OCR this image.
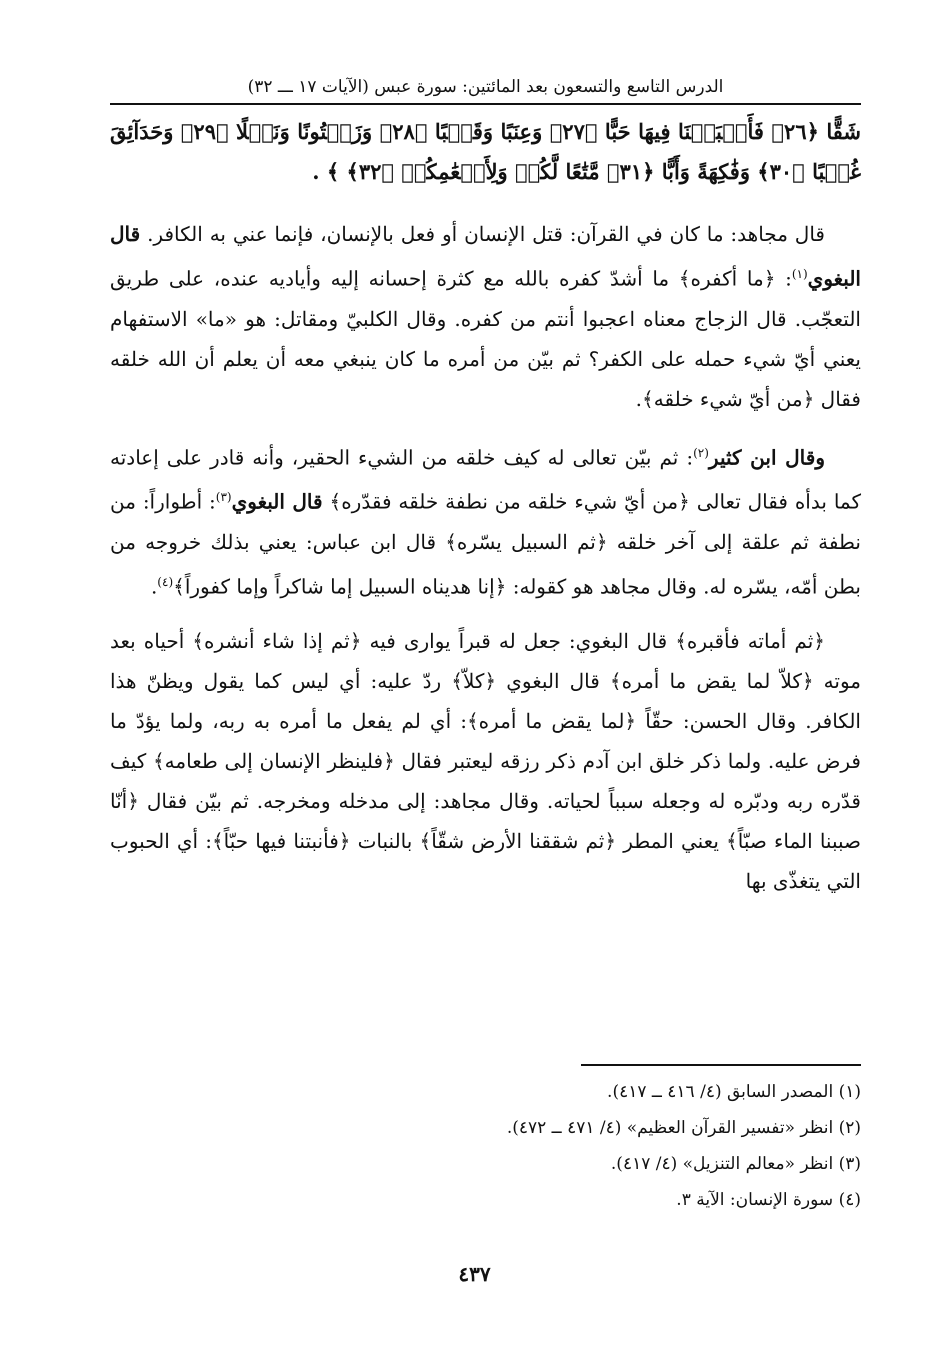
الدرس التاسع والتسعون بعد المائتين: سورة عبس (الآيات ١٧ ـــ ٣٢)

شَقًّا ﴿٢٦﴾ فَأَنۢبَتۡنَا فِيهَا حَبًّا ﴿٢٧﴾ وَعِنَبًا وَقَضۡبًا ﴿٢٨﴾ وَزَيۡتُونًا وَنَخۡلًا ﴿٢٩﴾ وَحَدَآئِقَ غُلۡبًا ﴿٣٠﴾ وَفَٰكِهَةً وَأَبًّا ﴿٣١﴾ مَّتَٰعًا لَّكُمۡ وَلِأَنۡعَٰمِكُمۡ ﴿٣٢﴾ ﴾ .

قال مجاهد: ما كان في القرآن: قتل الإنسان أو فعل بالإنسان، فإنما عني به الكافر. قال البغوي$^{(١)}$: ﴿ما أكفره﴾ ما أشدّ كفره بالله مع كثرة إحسانه إليه وأياديه عنده، على طريق التعجّب. قال الزجاج معناه اعجبوا أنتم من كفره. وقال الكلبيّ ومقاتل: هو «ما» الاستفهام يعني أيّ شيء حمله على الكفر؟ ثم بيّن من أمره ما كان ينبغي معه أن يعلم أن الله خلقه فقال ﴿من أيّ شيء خلقه﴾.

وقال ابن كثير$^{(٢)}$: ثم بيّن تعالى له كيف خلقه من الشيء الحقير، وأنه قادر على إعادته كما بدأه فقال تعالى ﴿من أيّ شيء خلقه من نطفة خلقه فقدّره﴾ قال البغوي$^{(٣)}$: أطواراً: من نطفة ثم علقة إلى آخر خلقه ﴿ثم السبيل يسّره﴾ قال ابن عباس: يعني بذلك خروجه من بطن أمّه، يسّره له. وقال مجاهد هو كقوله: ﴿إنا هديناه السبيل إما شاكراً وإما كفوراً﴾$^{(٤)}$.

﴿ثم أماته فأقبره﴾ قال البغوي: جعل له قبراً يوارى فيه ﴿ثم إذا شاء أنشره﴾ أحياه بعد موته ﴿كلاّ لما يقض ما أمره﴾ قال البغوي ﴿كلاّ﴾ ردّ عليه: أي ليس كما يقول ويظنّ هذا الكافر. وقال الحسن: حقّاً ﴿لما يقض ما أمره﴾: أي لم يفعل ما أمره به ربه، ولما يؤدّ ما فرض عليه. ولما ذكر خلق ابن آدم ذكر رزقه ليعتبر فقال ﴿فلينظر الإنسان إلى طعامه﴾ كيف قدّره ربه ودبّره له وجعله سبباً لحياته. وقال مجاهد: إلى مدخله ومخرجه. ثم بيّن فقال ﴿أنّا صببنا الماء صبّاً﴾ يعني المطر ﴿ثم شققنا الأرض شقّاً﴾ بالنبات ﴿فأنبتنا فيها حبّاً﴾: أي الحبوب التي يتغذّى بها

(١) المصدر السابق (٤/ ٤١٦ ــ ٤١٧).
(٢) انظر «تفسير القرآن العظيم» (٤/ ٤٧١ ــ ٤٧٢).
(٣) انظر «معالم التنزيل» (٤/ ٤١٧).
(٤) سورة الإنسان: الآية ٣.
٤٣٧
